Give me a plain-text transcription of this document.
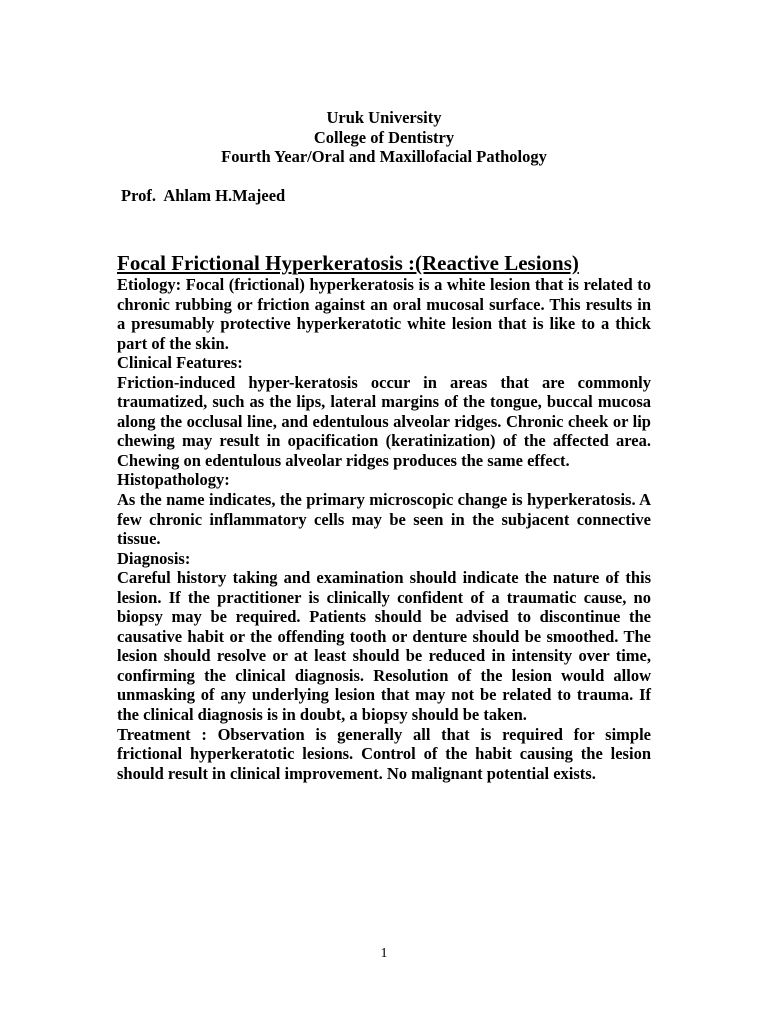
Uruk University
College of Dentistry
Fourth Year/Oral and Maxillofacial Pathology
Prof.  Ahlam H.Majeed
Focal Frictional Hyperkeratosis :(Reactive Lesions)

Etiology: Focal (frictional) hyperkeratosis is a white lesion that is related to chronic rubbing or friction against an oral mucosal surface. This results in a presumably protective hyperkeratotic white lesion that is like to a thick part of the skin.

Clinical Features:

Friction-induced hyper-keratosis occur in areas that are commonly traumatized, such as the lips, lateral margins of the tongue, buccal mucosa along the occlusal line, and edentulous alveolar ridges. Chronic cheek or lip chewing may result in opacification (keratinization) of the affected area. Chewing on edentulous alveolar ridges produces the same effect.

Histopathology:

As the name indicates, the primary microscopic change is hyperkeratosis. A few chronic inflammatory cells may be seen in the subjacent connective tissue.

Diagnosis:

Careful history taking and examination should indicate the nature of this lesion. If the practitioner is clinically confident of a traumatic cause, no biopsy may be required. Patients should be advised to discontinue the causative habit or the offending tooth or denture should be smoothed. The lesion should resolve or at least should be reduced in intensity over time, confirming the clinical diagnosis. Resolution of the lesion would allow unmasking of any underlying lesion that may not be related to trauma. If the clinical diagnosis is in doubt, a biopsy should be taken.

Treatment : Observation is generally all that is required for simple frictional hyperkeratotic lesions. Control of the habit causing the lesion should result in clinical improvement. No malignant potential exists.

1
